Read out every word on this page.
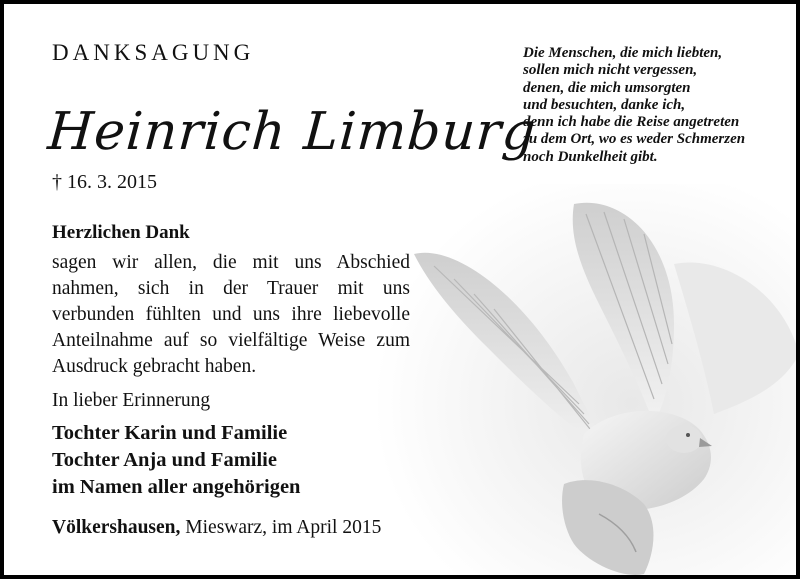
DANKSAGUNG
Heinrich Limburg
† 16. 3. 2015
Herzlichen Dank
sagen wir allen, die mit uns Abschied nahmen, sich in der Trauer mit uns verbunden fühlten und uns ihre liebevolle Anteilnahme auf so vielfältige Weise zum Ausdruck gebracht haben.
In lieber Erinnerung
Tochter Karin und Familie
Tochter Anja und Familie
im Namen aller angehörigen
Völkershausen, Mieswarz, im April 2015
Die Menschen, die mich liebten,
sollen mich nicht vergessen,
denen, die mich umsorgten
und besuchten, danke ich,
denn ich habe die Reise angetreten
zu dem Ort, wo es weder Schmerzen
noch Dunkelheit gibt.
